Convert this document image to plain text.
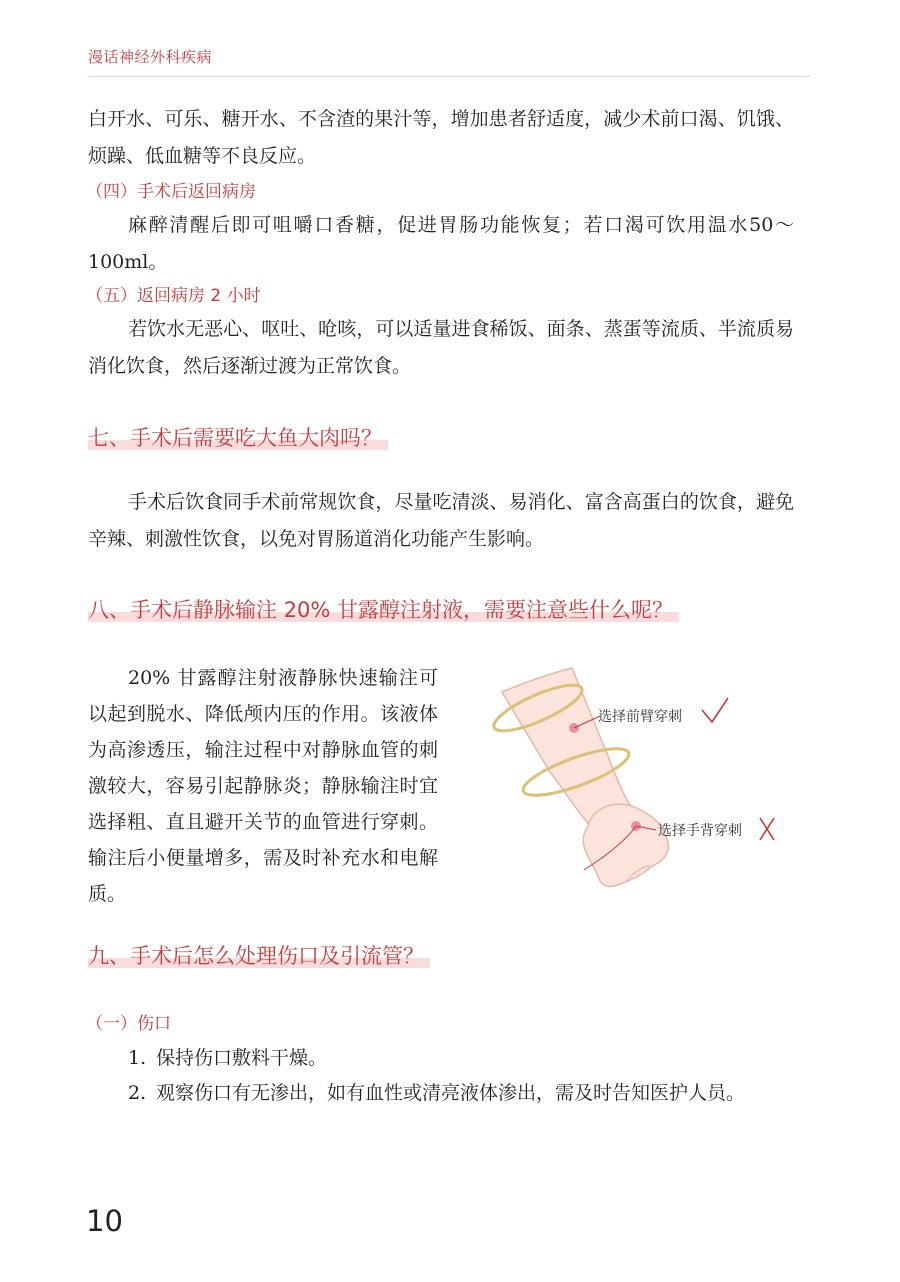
漫话神经外科疾病

白开水、可乐、糖开水、不含渣的果汁等，增加患者舒适度，减少术前口渴、饥饿、烦躁、低血糖等不良反应。

（四）手术后返回病房

麻醉清醒后即可咀嚼口香糖，促进胃肠功能恢复；若口渴可饮用温水50～100ml。

（五）返回病房 2 小时

若饮水无恶心、呕吐、呛咳，可以适量进食稀饭、面条、蒸蛋等流质、半流质易消化饮食，然后逐渐过渡为正常饮食。

七、手术后需要吃大鱼大肉吗？

手术后饮食同手术前常规饮食，尽量吃清淡、易消化、富含高蛋白的饮食，避免辛辣、刺激性饮食，以免对胃肠道消化功能产生影响。

八、手术后静脉输注 20% 甘露醇注射液，需要注意些什么呢？

20% 甘露醇注射液静脉快速输注可以起到脱水、降低颅内压的作用。该液体为高渗透压，输注过程中对静脉血管的刺激较大，容易引起静脉炎；静脉输注时宜选择粗、直且避开关节的血管进行穿刺。输注后小便量增多，需及时补充水和电解质。

选择前臂穿刺
选择手背穿刺
九、手术后怎么处理伤口及引流管？
（一）伤口
1. 保持伤口敷料干燥。
2. 观察伤口有无渗出，如有血性或清亮液体渗出，需及时告知医护人员。
10
